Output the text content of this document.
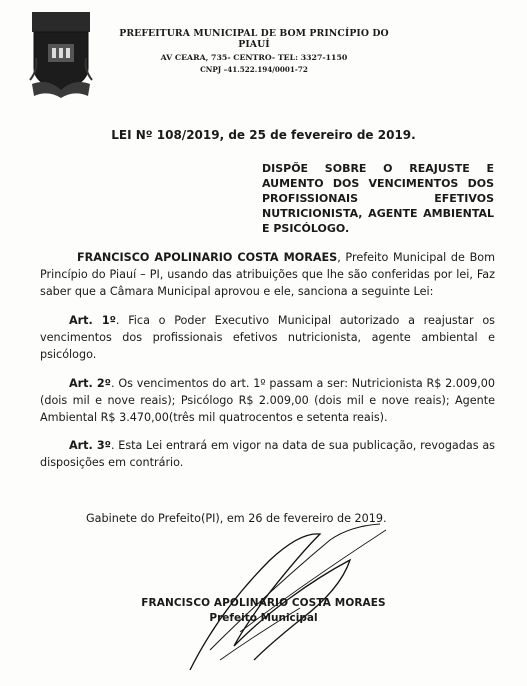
PREFEITURA MUNICIPAL DE BOM PRINCÍPIO DO PIAUÍ
AV CEARA, 735- CENTRO- TEL: 3327-1150
CNPJ –41.522.194/0001-72
LEI Nº 108/2019, de 25 de fevereiro de 2019.
DISPÕE SOBRE O REAJUSTE E AUMENTO DOS VENCIMENTOS DOS PROFISSIONAIS EFETIVOS NUTRICIONISTA, AGENTE AMBIENTAL E PSICÓLOGO.
FRANCISCO APOLINARIO COSTA MORAES, Prefeito Municipal de Bom Princípio do Piauí – PI, usando das atribuições que lhe são conferidas por lei, Faz saber que a Câmara Municipal aprovou e ele, sanciona a seguinte Lei:
Art. 1º. Fica o Poder Executivo Municipal autorizado a reajustar os vencimentos dos profissionais efetivos nutricionista, agente ambiental e psicólogo.
Art. 2º. Os vencimentos do art. 1º passam a ser: Nutricionista R$ 2.009,00 (dois mil e nove reais); Psicólogo R$ 2.009,00 (dois mil e nove reais); Agente Ambiental R$ 3.470,00(três mil quatrocentos e setenta reais).
Art. 3º. Esta Lei entrará em vigor na data de sua publicação, revogadas as disposições em contrário.
Gabinete do Prefeito(PI), em 26 de fevereiro de 2019.
FRANCISCO APOLINARIO COSTA MORAES
Prefeito Municipal
